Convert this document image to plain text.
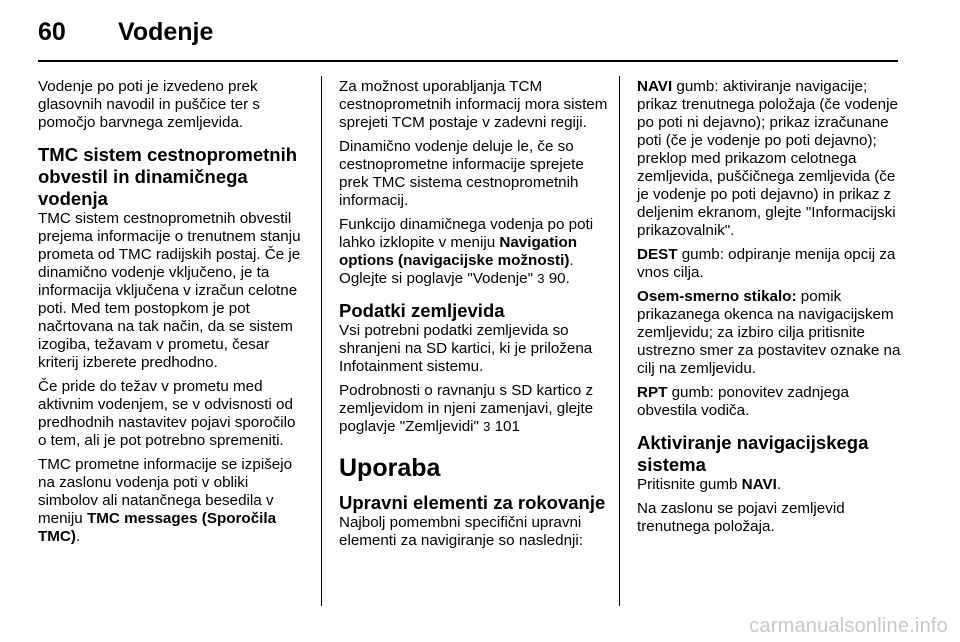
60	Vodenje

Vodenje po poti je izvedeno prek glasovnih navodil in puščice ter s pomočjo barvnega zemljevida.

TMC sistem cestnoprometnih obvestil in dinamičnega vodenja

TMC sistem cestnoprometnih obvestil prejema informacije o trenutnem stanju prometa od TMC radijskih postaj. Če je dinamično vodenje vključeno, je ta informacija vključena v izračun celotne poti. Med tem postopkom je pot načrtovana na tak način, da se sistem izogiba, težavam v prometu, česar kriterij izberete predhodno.

Če pride do težav v prometu med aktivnim vodenjem, se v odvisnosti od predhodnih nastavitev pojavi sporočilo o tem, ali je pot potrebno spremeniti.

TMC prometne informacije se izpišejo na zaslonu vodenja poti v obliki simbolov ali natančnega besedila v meniju TMC messages (Sporočila TMC).

Za možnost uporabljanja TCM cestnoprometnih informacij mora sistem sprejeti TCM postaje v zadevni regiji.

Dinamično vodenje deluje le, če so cestnoprometne informacije sprejete prek TMC sistema cestnoprometnih informacij.

Funkcijo dinamičnega vodenja po poti lahko izklopite v meniju Navigation options (navigacijske možnosti).
Oglejte si poglavje "Vodenje" 3 90.

Podatki zemljevida

Vsi potrebni podatki zemljevida so shranjeni na SD kartici, ki je priložena Infotainment sistemu.

Podrobnosti o ravnanju s SD kartico z zemljevidom in njeni zamenjavi, glejte poglavje "Zemljevidi" 3 101

Uporaba
Upravni elementi za rokovanje

Najbolj pomembni specifični upravni elementi za navigiranje so naslednji:

NAVI gumb: aktiviranje navigacije; prikaz trenutnega položaja (če vodenje po poti ni dejavno); prikaz izračunane poti (če je vodenje po poti dejavno); preklop med prikazom celotnega zemljevida, puščičnega zemljevida (če je vodenje po poti dejavno) in prikaz z deljenim ekranom, glejte "Informacijski prikazovalnik".

DEST gumb: odpiranje menija opcij za vnos cilja.

Osem-smerno stikalo: pomik prikazanega okenca na navigacijskem zemljevidu; za izbiro cilja pritisnite ustrezno smer za postavitev oznake na cilj na zemljevidu.

RPT gumb: ponovitev zadnjega obvestila vodiča.

Aktiviranje navigacijskega sistema

Pritisnite gumb NAVI.

Na zaslonu se pojavi zemljevid trenutnega položaja.

carmanualsonline.info
